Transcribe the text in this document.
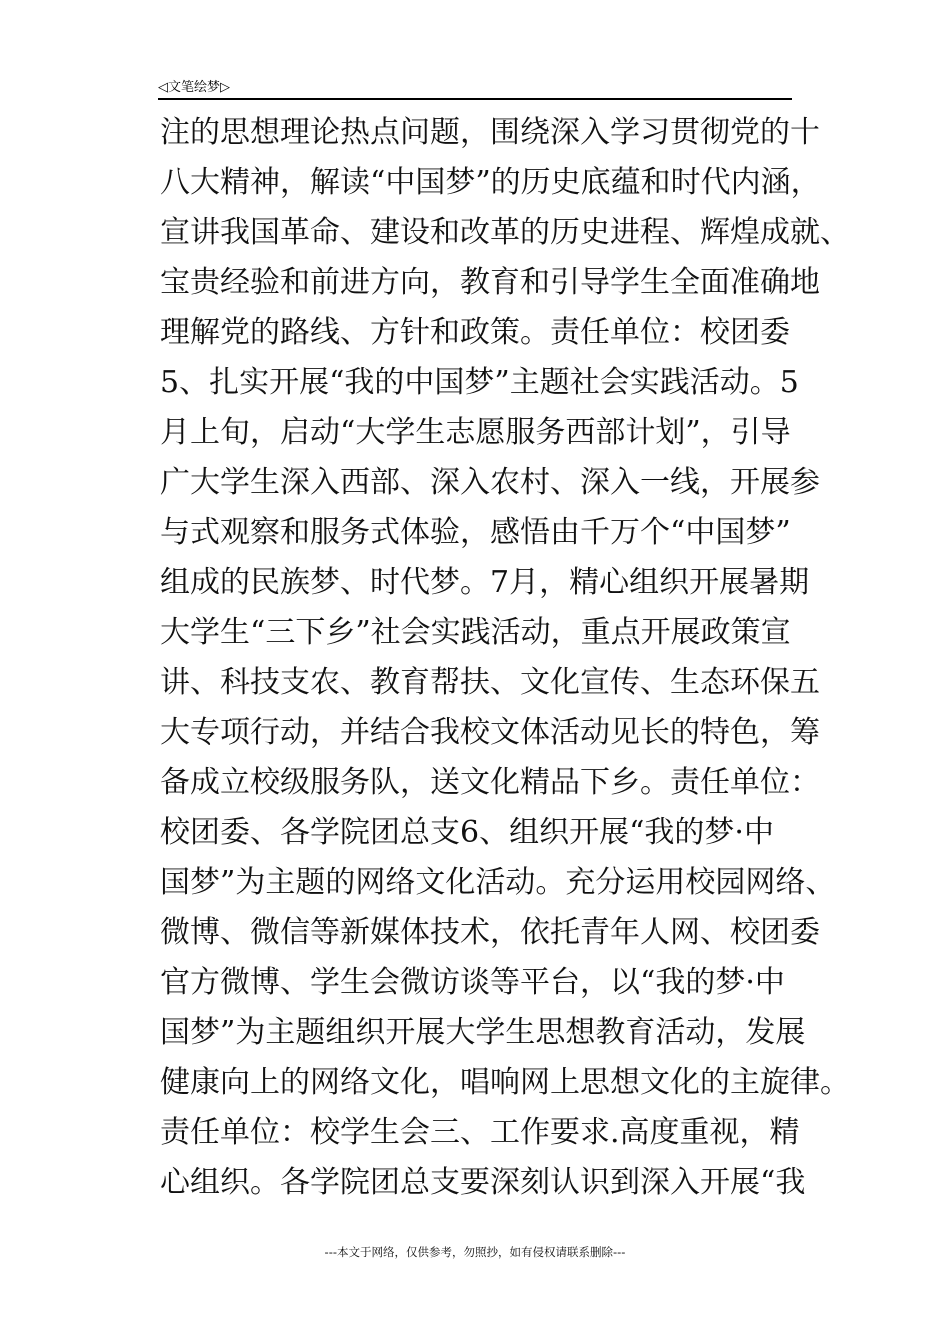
◁文笔绘梦▷
注的思想理论热点问题，围绕深入学习贯彻党的十
八大精神，解读“中国梦”的历史底蕴和时代内涵，
宣讲我国革命、建设和改革的历史进程、辉煌成就、
宝贵经验和前进方向，教育和引导学生全面准确地
理解党的路线、方针和政策。责任单位：校团委
5、扎实开展“我的中国梦”主题社会实践活动。5
月上旬，启动“大学生志愿服务西部计划”，引导
广大学生深入西部、深入农村、深入一线，开展参
与式观察和服务式体验，感悟由千万个“中国梦”
组成的民族梦、时代梦。7月，精心组织开展暑期
大学生“三下乡”社会实践活动，重点开展政策宣
讲、科技支农、教育帮扶、文化宣传、生态环保五
大专项行动，并结合我校文体活动见长的特色，筹
备成立校级服务队，送文化精品下乡。责任单位：
校团委、各学院团总支6、组织开展“我的梦·中
国梦”为主题的网络文化活动。充分运用校园网络、
微博、微信等新媒体技术，依托青年人网、校团委
官方微博、学生会微访谈等平台，以“我的梦·中
国梦”为主题组织开展大学生思想教育活动，发展
健康向上的网络文化，唱响网上思想文化的主旋律。
责任单位：校学生会三、工作要求.高度重视，精
心组织。各学院团总支要深刻认识到深入开展“我
---本文于网络，仅供参考，勿照抄，如有侵权请联系删除---
